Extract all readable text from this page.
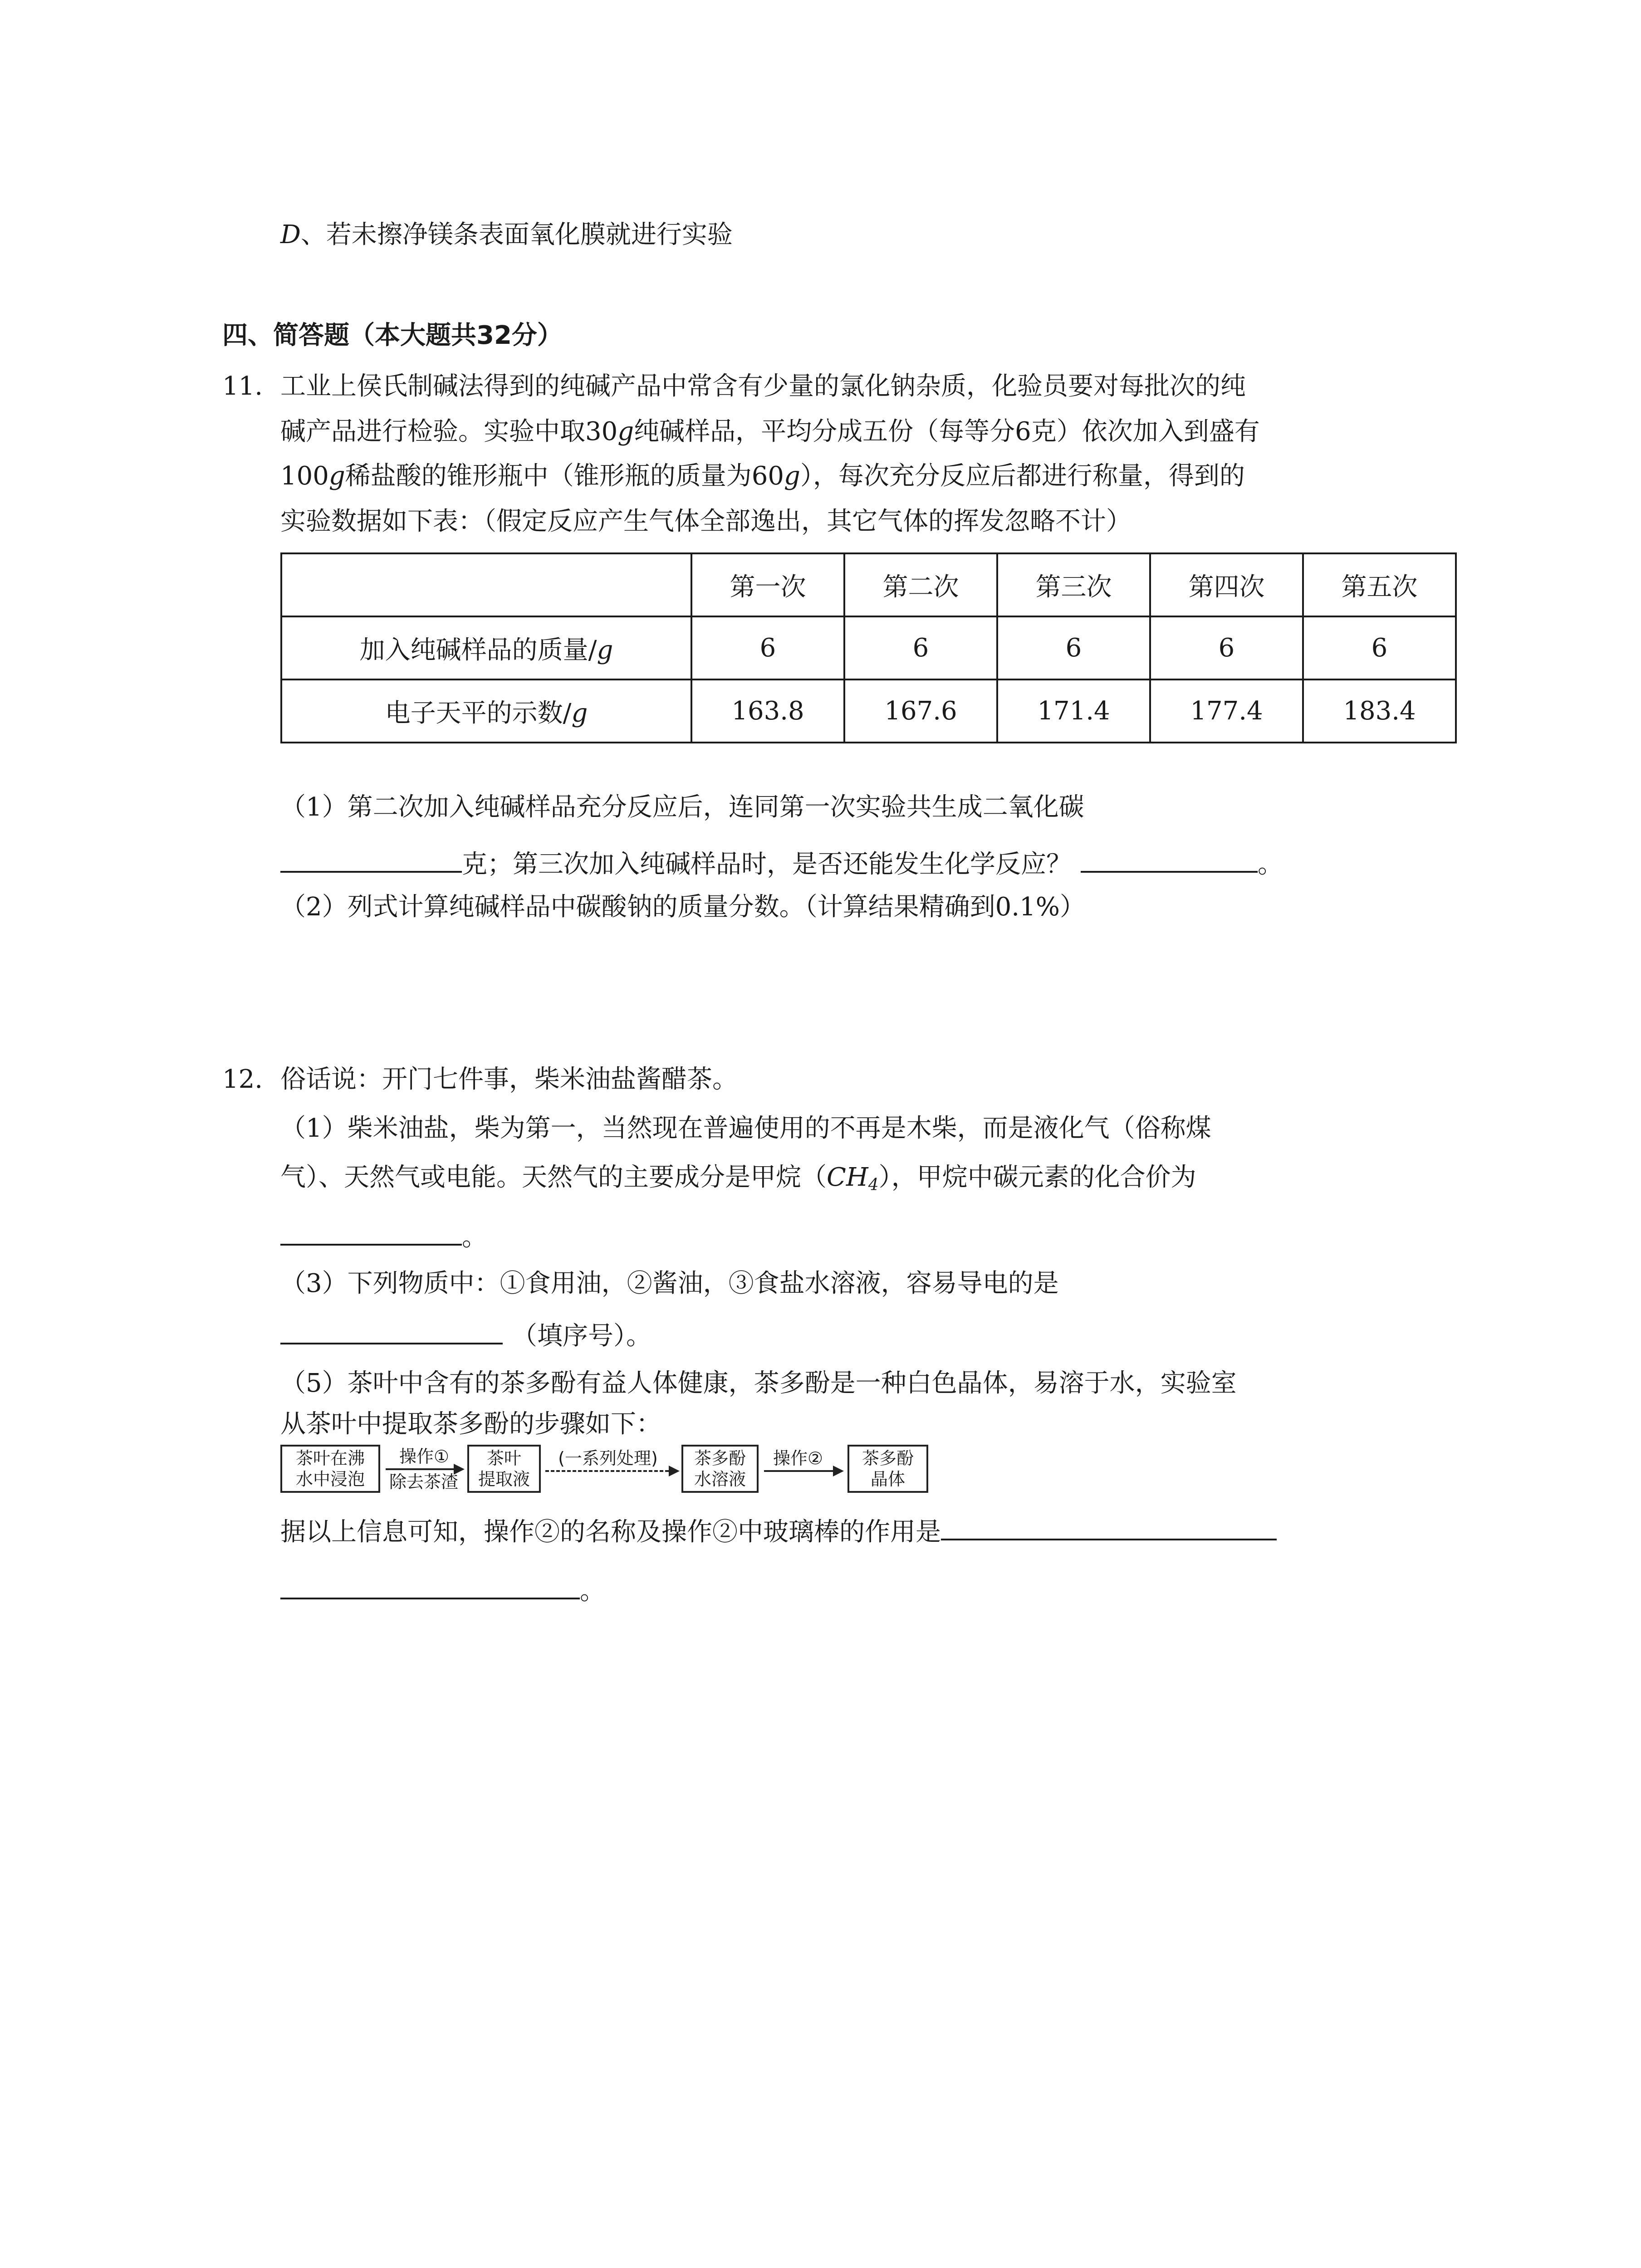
D、若未擦净镁条表面氧化膜就进行实验
四、简答题（本大题共32分）
11. 工业上侯氏制碱法得到的纯碱产品中常含有少量的氯化钠杂质，化验员要对每批次的纯
碱产品进行检验。实验中取30g纯碱样品，平均分成五份（每等分6克）依次加入到盛有
100g稀盐酸的锥形瓶中（锥形瓶的质量为60g），每次充分反应后都进行称量，得到的
实验数据如下表：（假定反应产生气体全部逸出，其它气体的挥发忽略不计）
	第一次	第二次	第三次	第四次	第五次
加入纯碱样品的质量/g	6	6	6	6	6
电子天平的示数/g	163.8	167.6	171.4	177.4	183.4
（1）第二次加入纯碱样品充分反应后，连同第一次实验共生成二氧化碳
克；第三次加入纯碱样品时，是否还能发生化学反应？	。
（2）列式计算纯碱样品中碳酸钠的质量分数。（计算结果精确到0.1%）
12. 俗话说：开门七件事，柴米油盐酱醋茶。
（1）柴米油盐，柴为第一，当然现在普遍使用的不再是木柴，而是液化气（俗称煤
气）、天然气或电能。天然气的主要成分是甲烷（CH4），甲烷中碳元素的化合价为
。
（3）下列物质中：①食用油，②酱油，③食盐水溶液，容易导电的是
（填序号）。
（5）茶叶中含有的茶多酚有益人体健康，茶多酚是一种白色晶体，易溶于水，实验室
从茶叶中提取茶多酚的步骤如下：
茶叶在沸
水中浸泡
操作①
除去茶渣
茶叶
提取液
(一系列处理)	茶多酚
水溶液
操作②	茶多酚
晶体
据以上信息可知，操作②的名称及操作②中玻璃棒的作用是
。
